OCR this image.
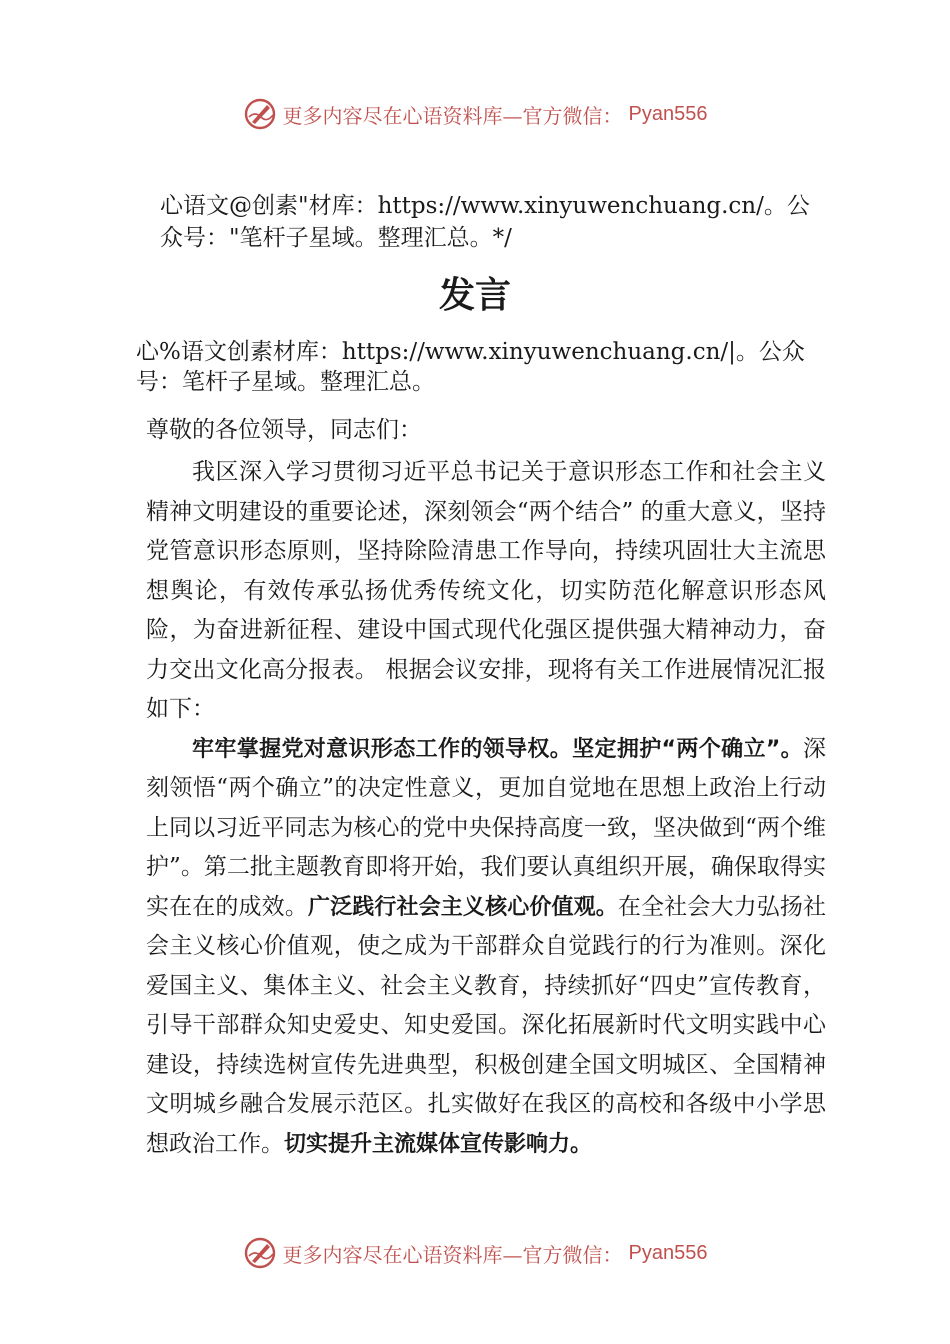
更多内容尽在心语资料库—官方微信： Pyan556
心语文@创素"材库：https://www.xinyuwenchuang.cn/。公众号："笔杆子星域。整理汇总。*/
发言
心%语文创素材库：https://www.xinyuwenchuang.cn/|。公众号：笔杆子星域。整理汇总。
尊敬的各位领导，同志们：

我区深入学习贯彻习近平总书记关于意识形态工作和社会主义精神文明建设的重要论述，深刻领会“两个结合” 的重大意义，坚持党管意识形态原则，坚持除险清患工作导向，持续巩固壮大主流思想舆论，有效传承弘扬优秀传统文化，切实防范化解意识形态风险，为奋进新征程、建设中国式现代化强区提供强大精神动力，奋力交出文化高分报表。 根据会议安排，现将有关工作进展情况汇报如下：

牢牢掌握党对意识形态工作的领导权。坚定拥护“两个确立”。深刻领悟“两个确立”的决定性意义，更加自觉地在思想上政治上行动上同以习近平同志为核心的党中央保持高度一致，坚决做到“两个维护”。第二批主题教育即将开始，我们要认真组织开展，确保取得实实在在的成效。广泛践行社会主义核心价值观。在全社会大力弘扬社会主义核心价值观，使之成为干部群众自觉践行的行为准则。深化爱国主义、集体主义、社会主义教育，持续抓好“四史”宣传教育，引导干部群众知史爱史、知史爱国。深化拓展新时代文明实践中心建设，持续选树宣传先进典型，积极创建全国文明城区、全国精神文明城乡融合发展示范区。扎实做好在我区的高校和各级中小学思想政治工作。切实提升主流媒体宣传影响力。

更多内容尽在心语资料库—官方微信： Pyan556
